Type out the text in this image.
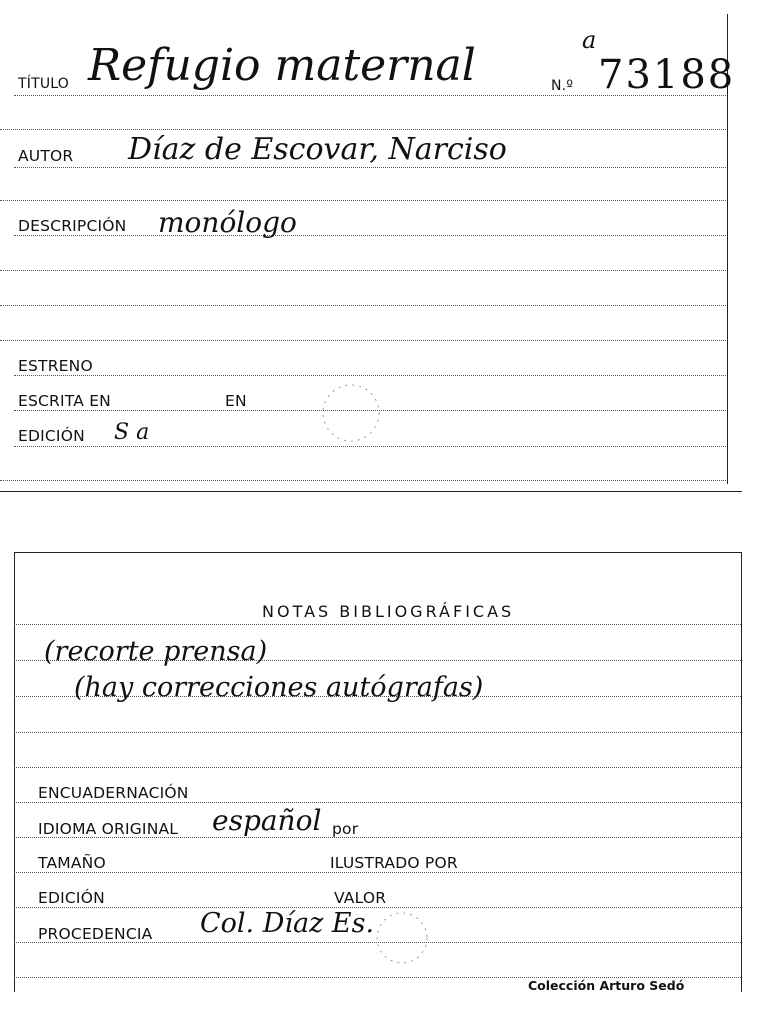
TÍTULO Refugio maternal	N.º
a
73188
AUTOR Díaz de Escovar, Narciso
DESCRIPCIÓN monólogo
ESTRENO
ESCRITA EN	EN
EDICIÓN S a
NOTAS BIBLIOGRÁFICAS
(recorte prensa)
(hay correcciones autógrafas)
ENCUADERNACIÓN
IDIOMA ORIGINAL español por
TAMAÑO	ILUSTRADO POR
EDICIÓN	VALOR
PROCEDENCIA Col. Díaz Es.
Colección Arturo Sedó
